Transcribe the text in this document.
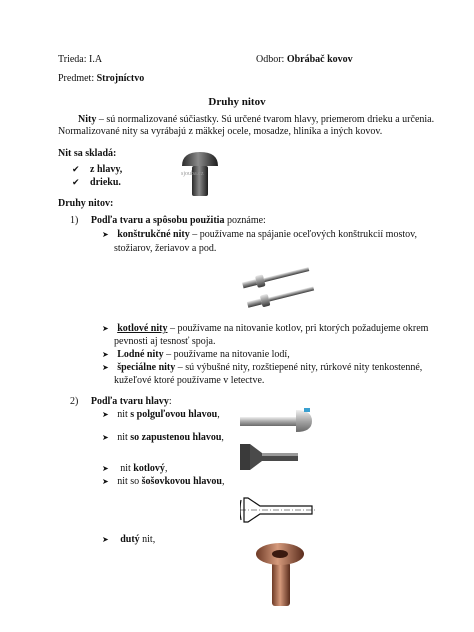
Trieda: I.A	Odbor: Obrábač kovov
Predmet: Strojníctvo
Druhy nitov
Nity – sú normalizované súčiastky. Sú určené tvarom hlavy, priemerom drieku a určenia.
Normalizované nity sa vyrábajú z mäkkej ocele, mosadze, hliníka a iných kovov.
Nit sa skladá:
✔ z hlavy,
✔ drieku.
sjouba.cz
Druhy nitov:
1) Podľa tvaru a spôsobu použitia poznáme:
➤ konštrukčné nity – používame na spájanie oceľových konštrukcií mostov,
stožiarov, žeriavov a pod.
➤ kotlové nity – používame na nitovanie kotlov, pri ktorých požadujeme okrem
pevnosti aj tesnosť spoja.
➤ Lodné nity – používame na nitovanie lodí,
➤ špeciálne nity – sú výbušné nity, rozštiepené nity, rúrkové nity tenkostenné,
kužeľové ktoré používame v letectve.
2) Podľa tvaru hlavy:
➤ nit s polguľovou hlavou,
➤ nit so zapustenou hlavou,
➤ nit kotlový,
➤ nit so šošovkovou hlavou,
➤ dutý nit,
